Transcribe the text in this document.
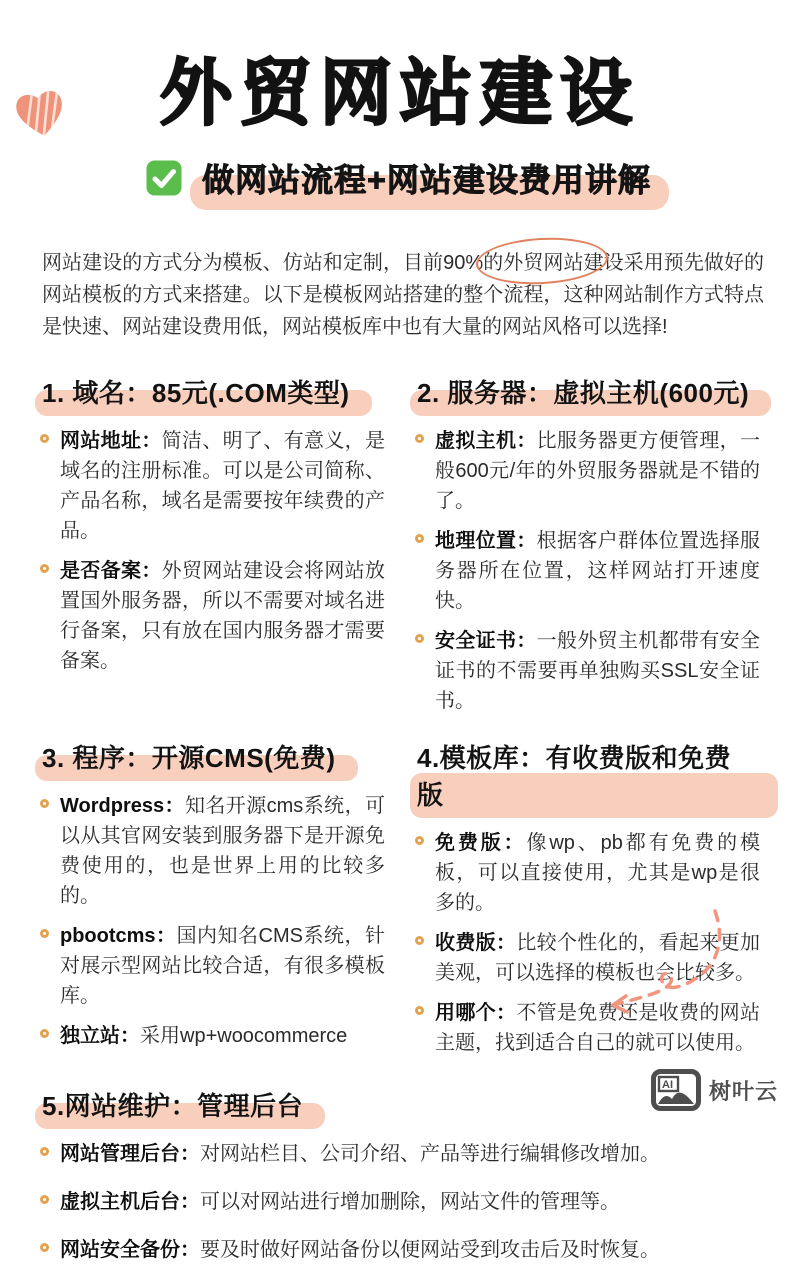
外贸网站建设
做网站流程+网站建设费用讲解

网站建设的方式分为模板、仿站和定制，目前90%的外贸网站建设采用预先做好的网站模板的方式来搭建。以下是模板网站搭建的整个流程，这种网站制作方式特点是快速、网站建设费用低，网站模板库中也有大量的网站风格可以选择!

1. 域名：85元(.COM类型)
网站地址：简洁、明了、有意义，是域名的注册标准。可以是公司简称、产品名称，域名是需要按年续费的产品。
是否备案：外贸网站建设会将网站放置国外服务器，所以不需要对域名进行备案，只有放在国内服务器才需要备案。
2. 服务器：虚拟主机(600元)
虚拟主机：比服务器更方便管理，一般600元/年的外贸服务器就是不错的了。
地理位置：根据客户群体位置选择服务器所在位置，这样网站打开速度快。
安全证书：一般外贸主机都带有安全证书的不需要再单独购买SSL安全证书。
3. 程序：开源CMS(免费)
Wordpress：知名开源cms系统，可以从其官网安装到服务器下是开源免费使用的，也是世界上用的比较多的。
pbootcms：国内知名CMS系统，针对展示型网站比较合适，有很多模板库。
独立站：采用wp+woocommerce
4.模板库：有收费版和免费版
免费版：像wp、pb都有免费的模板，可以直接使用，尤其是wp是很多的。
收费版：比较个性化的，看起来更加美观，可以选择的模板也会比较多。
用哪个：不管是免费还是收费的网站主题，找到适合自己的就可以使用。
5.网站维护：管理后台
网站管理后台：对网站栏目、公司介绍、产品等进行编辑修改增加。
虚拟主机后台：可以对网站进行增加删除，网站文件的管理等。
网站安全备份：要及时做好网站备份以便网站受到攻击后及时恢复。
AI 树叶云
